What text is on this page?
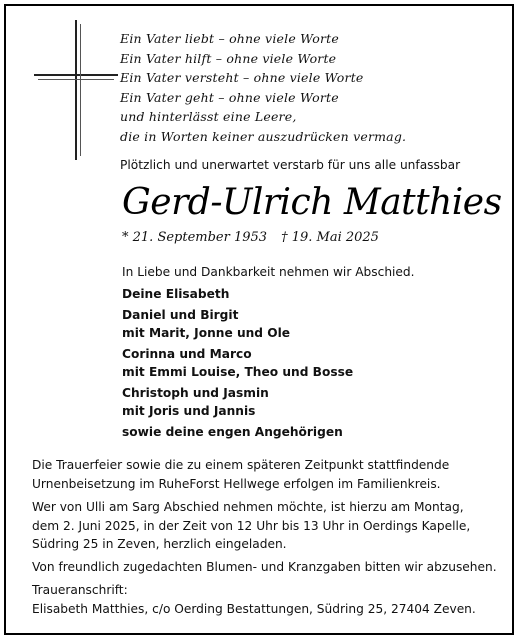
Ein Vater liebt – ohne viele Worte
Ein Vater hilft – ohne viele Worte
Ein Vater versteht – ohne viele Worte
Ein Vater geht – ohne viele Worte
und hinterlässt eine Leere,
die in Worten keiner auszudrücken vermag.
Plötzlich und unerwartet verstarb für uns alle unfassbar
Gerd-Ulrich Matthies
* 21. September 1953 † 19. Mai 2025
In Liebe und Dankbarkeit nehmen wir Abschied.
Deine Elisabeth
Daniel und Birgit
mit Marit, Jonne und Ole
Corinna und Marco
mit Emmi Louise, Theo und Bosse
Christoph und Jasmin
mit Joris und Jannis
sowie deine engen Angehörigen
Die Trauerfeier sowie die zu einem späteren Zeitpunkt stattfindende
Urnenbeisetzung im RuheForst Hellwege erfolgen im Familienkreis.
Wer von Ulli am Sarg Abschied nehmen möchte, ist hierzu am Montag,
dem 2. Juni 2025, in der Zeit von 12 Uhr bis 13 Uhr in Oerdings Kapelle,
Südring 25 in Zeven, herzlich eingeladen.
Von freundlich zugedachten Blumen- und Kranzgaben bitten wir abzusehen.
Traueranschrift:
Elisabeth Matthies, c/o Oerding Bestattungen, Südring 25, 27404 Zeven.
